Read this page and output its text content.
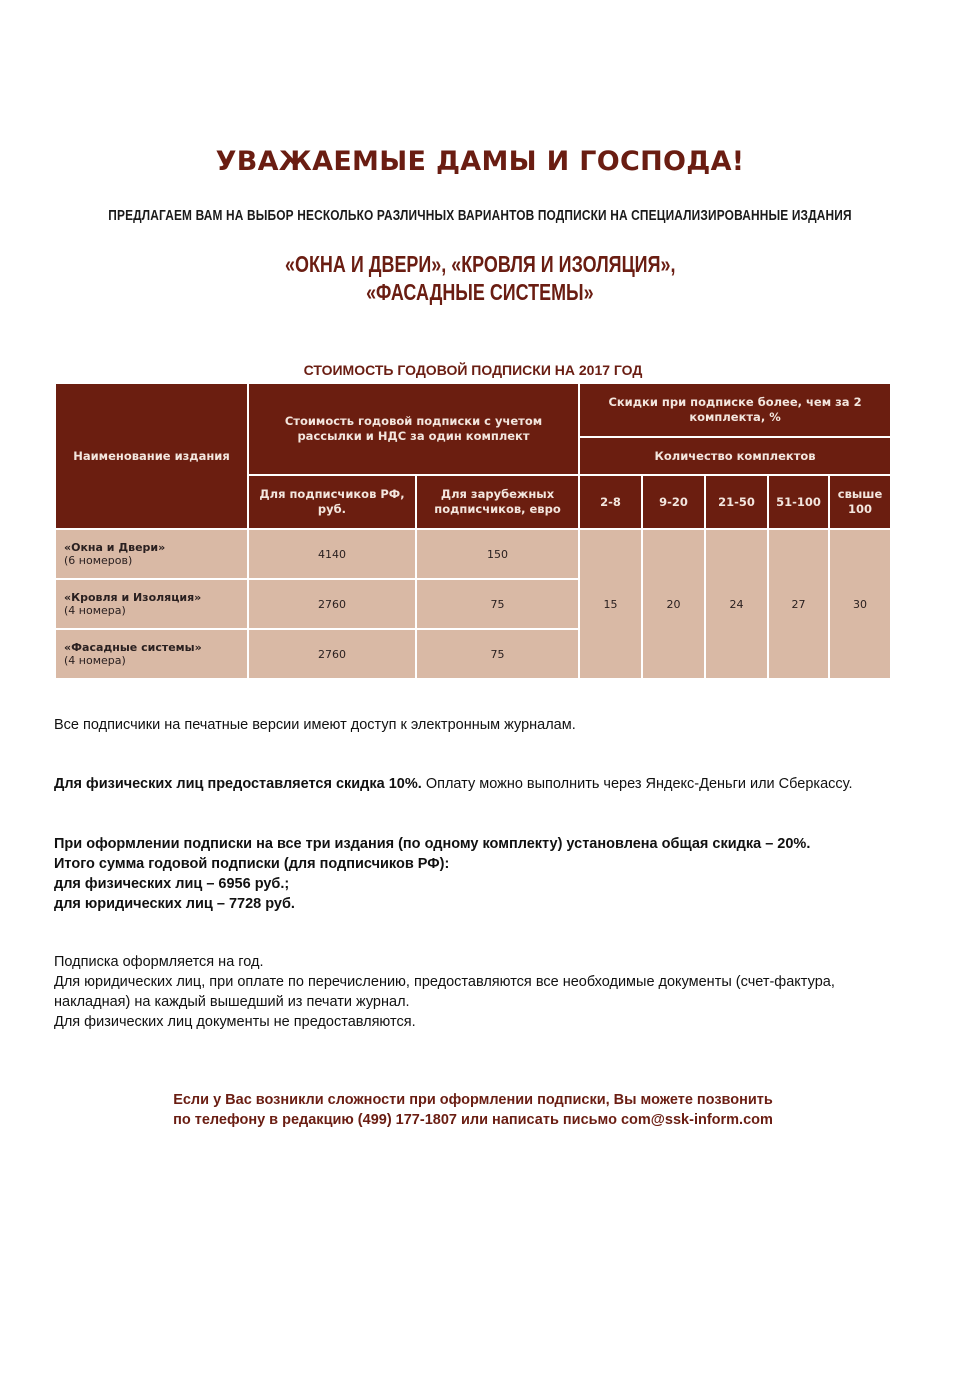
УВАЖАЕМЫЕ ДАМЫ И ГОСПОДА!
ПРЕДЛАГАЕМ ВАМ НА ВЫБОР НЕСКОЛЬКО РАЗЛИЧНЫХ ВАРИАНТОВ ПОДПИСКИ НА СПЕЦИАЛИЗИРОВАННЫЕ ИЗДАНИЯ
«ОКНА И ДВЕРИ», «КРОВЛЯ И ИЗОЛЯЦИЯ»,
«ФАСАДНЫЕ СИСТЕМЫ»
СТОИМОСТЬ ГОДОВОЙ ПОДПИСКИ НА 2017 ГОД
Наименование издания	Стоимость годовой подписки с учетом рассылки и НДС за один комплект		Скидки при подписке более, чем за 2 комплекта, %				
			Количество комплектов				
	Для подписчиков РФ, руб.	Для зарубежных подписчиков, евро	2-8	9-20	21-50	51-100	свыше 100

«Окна и Двери»
(6 номеров)	4140	150	15	20	24	27	30

«Кровля и Изоляция»
(4 номера)	2760	75					

«Фасадные системы»
(4 номера)	2760	75					
Все подписчики на печатные версии имеют доступ к электронным журналам.
Для физических лиц предоставляется скидка 10%. Оплату можно выполнить через Яндекс-Деньги или Сберкассу.
При оформлении подписки на все три издания (по одному комплекту) установлена общая скидка – 20%.
Итого сумма годовой подписки (для подписчиков РФ):
для физических лиц – 6956 руб.;
для юридических лиц – 7728 руб.
Подписка оформляется на год.
Для юридических лиц, при оплате по перечислению, предоставляются все необходимые документы (счет-фактура, накладная) на каждый вышедший из печати журнал.
Для физических лиц документы не предоставляются.
Если у Вас возникли сложности при оформлении подписки, Вы можете позвонить
по телефону в редакцию (499) 177-1807 или написать письмо com@ssk-inform.com
